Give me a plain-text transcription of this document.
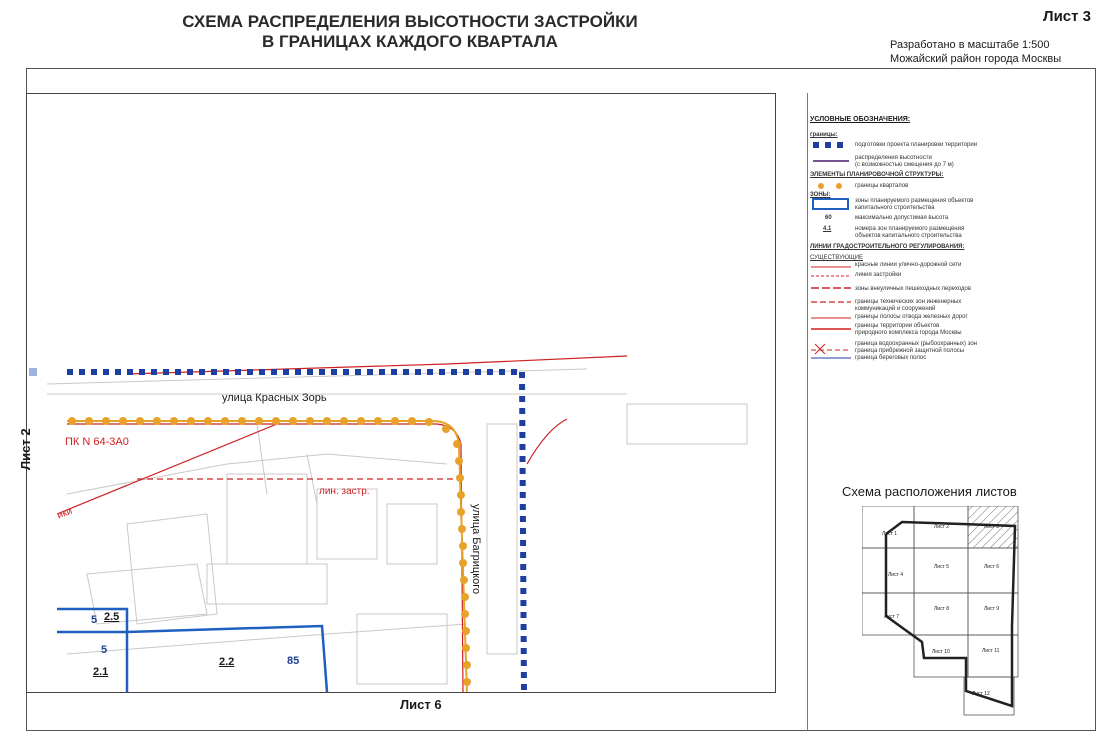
СХЕМА РАСПРЕДЕЛЕНИЯ ВЫСОТНОСТИ ЗАСТРОЙКИ
В ГРАНИЦАХ КАЖДОГО КВАРТАЛА
Лист 3
Разработано в масштабе 1:500
Можайский район города Москвы
улица Красных Зорь
улица Багрицкого
ПК N 64-3А0
лин. застр.
ики
5 2.5
5
2.1
2.2	85
Лист 2
Лист 6
УСЛОВНЫЕ ОБОЗНАЧЕНИЯ:
границы:
подготовки проекта планировки территории
распределения высотности
(с возможностью смещения до 7 м)
ЭЛЕМЕНТЫ ПЛАНИРОВОЧНОЙ СТРУКТУРЫ:
границы кварталов
ЗОНЫ:
зоны планируемого размещения объектов
капитального строительства
60	максимально допустимая высота
4.1	номера зон планируемого размещения
объектов капитального строительства
ЛИНИИ ГРАДОСТРОИТЕЛЬНОГО РЕГУЛИРОВАНИЯ:
СУЩЕСТВУЮЩИЕ
красные линии улично-дорожной сети
линия застройки
зоны внеуличных пешеходных переходов
границы технических зон инженерных
коммуникаций и сооружений
границы полосы отвода железных дорог
границы территории объектов
природного комплекса города Москвы
граница водоохранных (рыбоохранных) зон
граница прибрежной защитной полосы
граница береговых полос
Схема расположения листов
Лист 1
Лист 2	Лист 3
Лист 4
Лист 5	Лист 6
Лист 7
Лист 8	Лист 9
Лист 10	Лист 11
Лист 12
